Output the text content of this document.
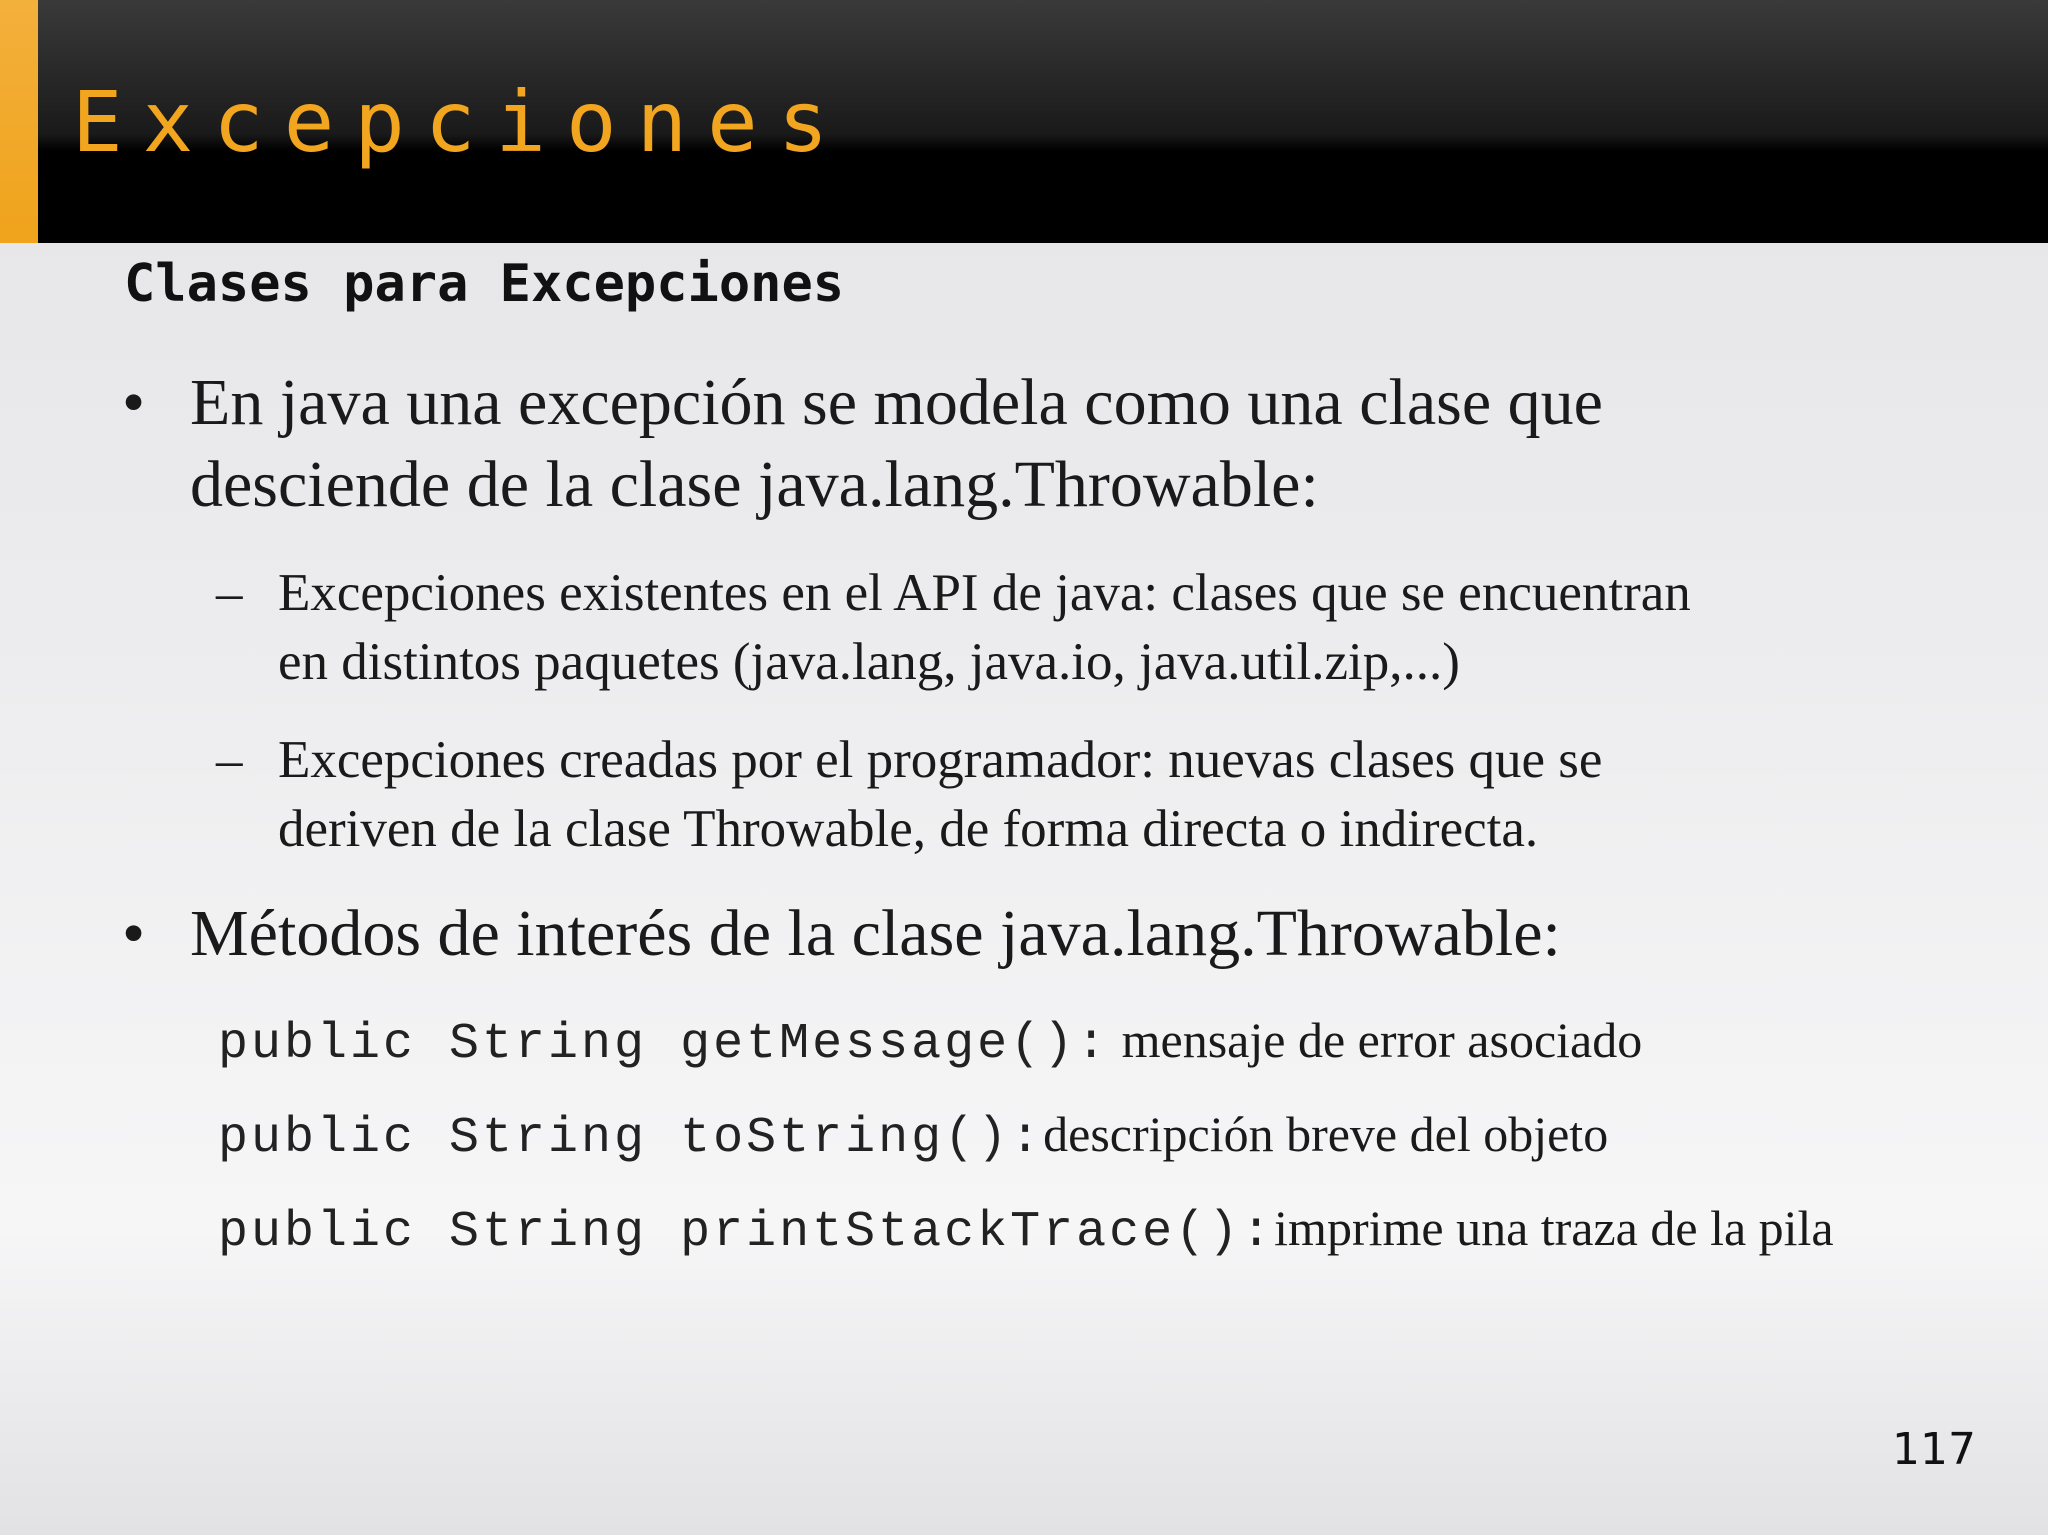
Excepciones
Clases para Excepciones
• En java una excepción se modela como una clase que
desciende de la clase java.lang.Throwable:
– Excepciones existentes en el API de java: clases que se encuentran
en distintos paquetes (java.lang, java.io, java.util.zip,...)
– Excepciones creadas por el programador: nuevas clases que se
deriven de la clase Throwable, de forma directa o indirecta.
• Métodos de interés de la clase java.lang.Throwable:
public String getMessage(): mensaje de error asociado
public String toString():descripción breve del objeto
public String printStackTrace():imprime una traza de la pila
117
